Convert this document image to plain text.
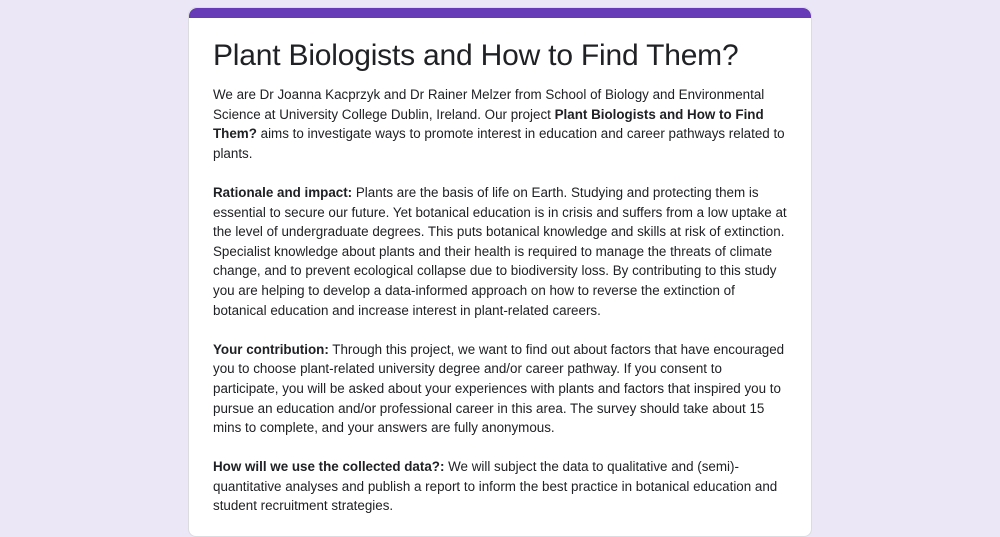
Plant Biologists and How to Find Them?

We are Dr Joanna Kacprzyk and Dr Rainer Melzer from School of Biology and Environmental Science at University College Dublin, Ireland. Our project Plant Biologists and How to Find Them? aims to investigate ways to promote interest in education and career pathways related to plants.

Rationale and impact: Plants are the basis of life on Earth. Studying and protecting them is essential to secure our future. Yet botanical education is in crisis and suffers from a low uptake at the level of undergraduate degrees. This puts botanical knowledge and skills at risk of extinction. Specialist knowledge about plants and their health is required to manage the threats of climate change, and to prevent ecological collapse due to biodiversity loss. By contributing to this study you are helping to develop a data-informed approach on how to reverse the extinction of botanical education and increase interest in plant-related careers.

Your contribution: Through this project, we want to find out about factors that have encouraged you to choose plant-related university degree and/or career pathway. If you consent to participate, you will be asked about your experiences with plants and factors that inspired you to pursue an education and/or professional career in this area. The survey should take about 15 mins to complete, and your answers are fully anonymous.

How will we use the collected data?: We will subject the data to qualitative and (semi)-quantitative analyses and publish a report to inform the best practice in botanical education and student recruitment strategies.
